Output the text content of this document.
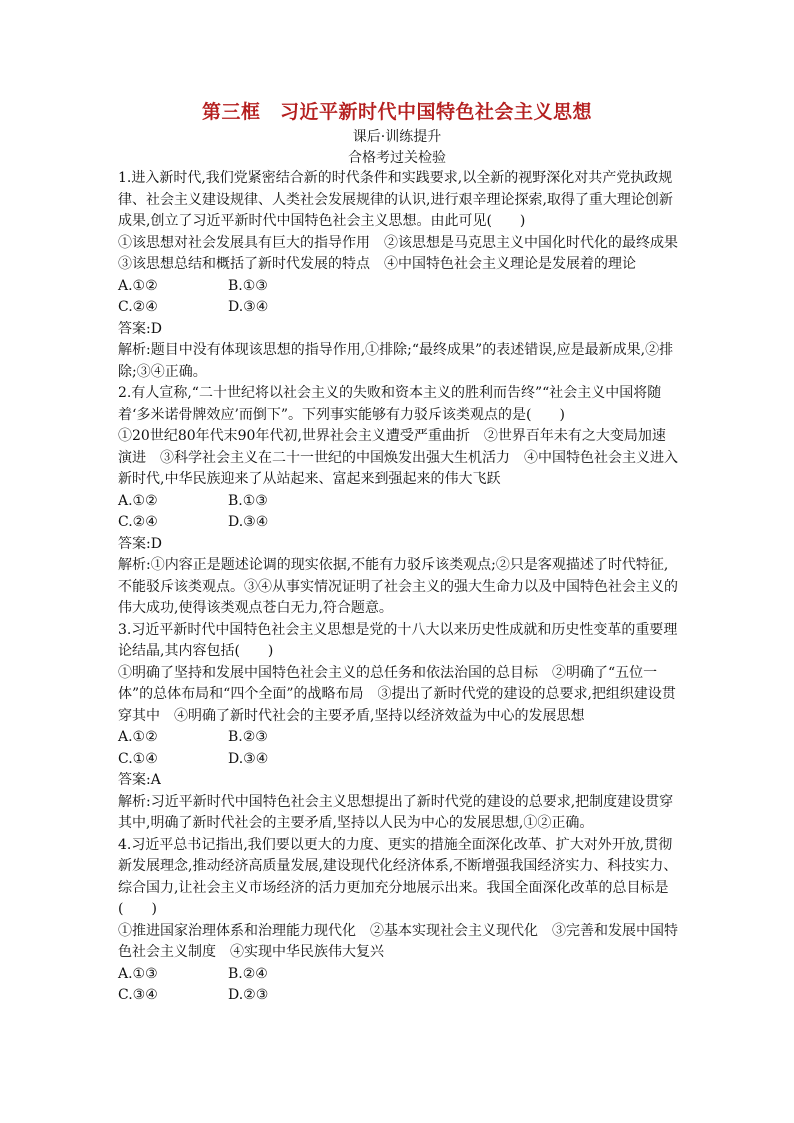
第三框　习近平新时代中国特色社会主义思想
课后·训练提升
合格考过关检验

1.进入新时代,我们党紧密结合新的时代条件和实践要求,以全新的视野深化对共产党执政规律、社会主义建设规律、人类社会发展规律的认识,进行艰辛理论探索,取得了重大理论创新成果,创立了习近平新时代中国特色社会主义思想。由此可见(　　)

①该思想对社会发展具有巨大的指导作用　②该思想是马克思主义中国化时代化的最终成果　③该思想总结和概括了新时代发展的特点　④中国特色社会主义理论是发展着的理论

A.①②	B.①③
C.②④	D.③④

答案:D

解析:题目中没有体现该思想的指导作用,①排除;“最终成果”的表述错误,应是最新成果,②排除;③④正确。

2.有人宣称,“二十世纪将以社会主义的失败和资本主义的胜利而告终”“社会主义中国将随着‘多米诺骨牌效应’而倒下”。下列事实能够有力驳斥该类观点的是(　　)

①20世纪80年代末90年代初,世界社会主义遭受严重曲折　②世界百年未有之大变局加速演进　③科学社会主义在二十一世纪的中国焕发出强大生机活力　④中国特色社会主义进入新时代,中华民族迎来了从站起来、富起来到强起来的伟大飞跃

A.①②	B.①③
C.②④	D.③④

答案:D

解析:①内容正是题述论调的现实依据,不能有力驳斥该类观点;②只是客观描述了时代特征,不能驳斥该类观点。③④从事实情况证明了社会主义的强大生命力以及中国特色社会主义的伟大成功,使得该类观点苍白无力,符合题意。

3.习近平新时代中国特色社会主义思想是党的十八大以来历史性成就和历史性变革的重要理论结晶,其内容包括(　　)

①明确了坚持和发展中国特色社会主义的总任务和依法治国的总目标　②明确了“五位一体”的总体布局和“四个全面”的战略布局　③提出了新时代党的建设的总要求,把组织建设贯穿其中　④明确了新时代社会的主要矛盾,坚持以经济效益为中心的发展思想

A.①②	B.②③
C.①④	D.③④

答案:A

解析:习近平新时代中国特色社会主义思想提出了新时代党的建设的总要求,把制度建设贯穿其中,明确了新时代社会的主要矛盾,坚持以人民为中心的发展思想,①②正确。

4.习近平总书记指出,我们要以更大的力度、更实的措施全面深化改革、扩大对外开放,贯彻新发展理念,推动经济高质量发展,建设现代化经济体系,不断增强我国经济实力、科技实力、综合国力,让社会主义市场经济的活力更加充分地展示出来。我国全面深化改革的总目标是(　　)

①推进国家治理体系和治理能力现代化　②基本实现社会主义现代化　③完善和发展中国特色社会主义制度　④实现中华民族伟大复兴

A.①③	B.②④
C.③④	D.②③
